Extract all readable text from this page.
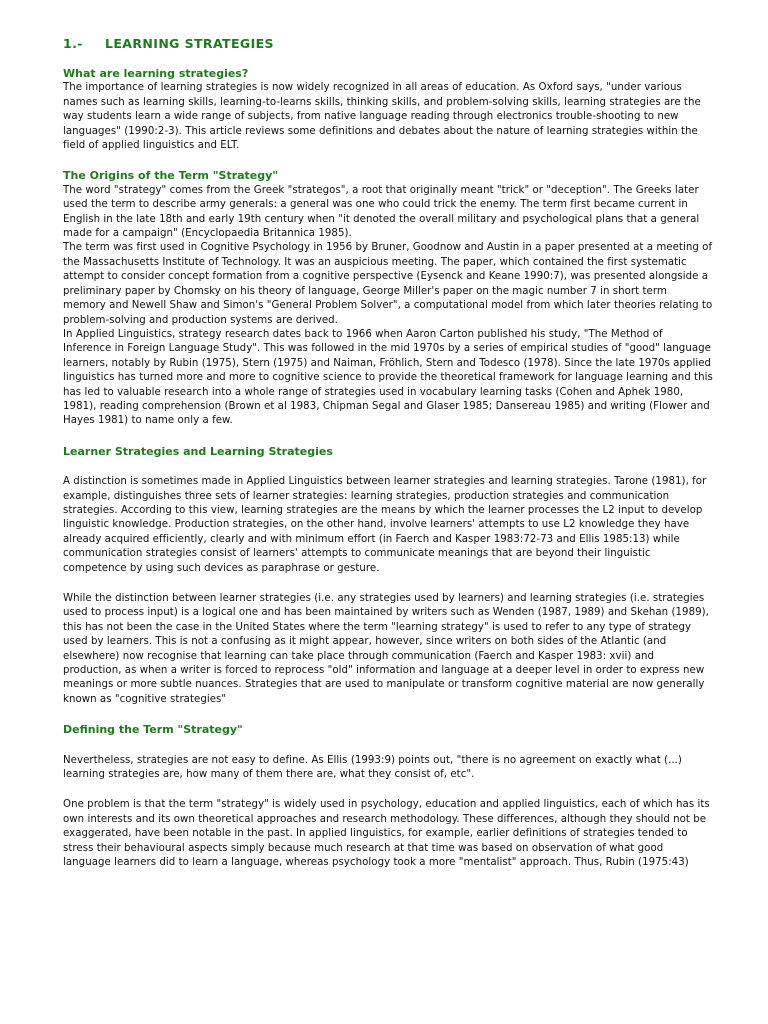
1.- LEARNING STRATEGIES
What are learning strategies?

The importance of learning strategies is now widely recognized in all areas of education. As Oxford says, "under various names such as learning skills, learning-to-learns skills, thinking skills, and problem-solving skills, learning strategies are the way students learn a wide range of subjects, from native language reading through electronics trouble-shooting to new languages" (1990:2-3). This article reviews some definitions and debates about the nature of learning strategies within the field of applied linguistics and ELT.

The Origins of the Term "Strategy"

The word "strategy" comes from the Greek "strategos", a root that originally meant "trick" or "deception". The Greeks later used the term to describe army generals: a general was one who could trick the enemy. The term first became current in English in the late 18th and early 19th century when "it denoted the overall military and psychological plans that a general made for a campaign" (Encyclopaedia Britannica 1985).

The term was first used in Cognitive Psychology in 1956 by Bruner, Goodnow and Austin in a paper presented at a meeting of the Massachusetts Institute of Technology. It was an auspicious meeting. The paper, which contained the first systematic attempt to consider concept formation from a cognitive perspective (Eysenck and Keane 1990:7), was presented alongside a preliminary paper by Chomsky on his theory of language, George Miller's paper on the magic number 7 in short term memory and Newell Shaw and Simon's "General Problem Solver", a computational model from which later theories relating to problem-solving and production systems are derived.

In Applied Linguistics, strategy research dates back to 1966 when Aaron Carton published his study, "The Method of Inference in Foreign Language Study". This was followed in the mid 1970s by a series of empirical studies of "good" language learners, notably by Rubin (1975), Stern (1975) and Naiman, Fröhlich, Stern and Todesco (1978). Since the late 1970s applied linguistics has turned more and more to cognitive science to provide the theoretical framework for language learning and this has led to valuable research into a whole range of strategies used in vocabulary learning tasks (Cohen and Aphek 1980, 1981), reading comprehension (Brown et al 1983, Chipman Segal and Glaser 1985; Dansereau 1985) and writing (Flower and Hayes 1981) to name only a few.

Learner Strategies and Learning Strategies

A distinction is sometimes made in Applied Linguistics between learner strategies and learning strategies. Tarone (1981), for example, distinguishes three sets of learner strategies: learning strategies, production strategies and communication strategies. According to this view, learning strategies are the means by which the learner processes the L2 input to develop linguistic knowledge. Production strategies, on the other hand, involve learners' attempts to use L2 knowledge they have already acquired efficiently, clearly and with minimum effort (in Faerch and Kasper 1983:72-73 and Ellis 1985:13) while communication strategies consist of learners' attempts to communicate meanings that are beyond their linguistic competence by using such devices as paraphrase or gesture.

While the distinction between learner strategies (i.e. any strategies used by learners) and learning strategies (i.e. strategies used to process input) is a logical one and has been maintained by writers such as Wenden (1987, 1989) and Skehan (1989), this has not been the case in the United States where the term "learning strategy" is used to refer to any type of strategy used by learners. This is not a confusing as it might appear, however, since writers on both sides of the Atlantic (and elsewhere) now recognise that learning can take place through communication (Faerch and Kasper 1983: xvii) and production, as when a writer is forced to reprocess "old" information and language at a deeper level in order to express new meanings or more subtle nuances. Strategies that are used to manipulate or transform cognitive material are now generally known as "cognitive strategies"

Defining the Term "Strategy"

Nevertheless, strategies are not easy to define. As Ellis (1993:9) points out, "there is no agreement on exactly what (...) learning strategies are, how many of them there are, what they consist of, etc".

One problem is that the term "strategy" is widely used in psychology, education and applied linguistics, each of which has its own interests and its own theoretical approaches and research methodology. These differences, although they should not be exaggerated, have been notable in the past. In applied linguistics, for example, earlier definitions of strategies tended to stress their behavioural aspects simply because much research at that time was based on observation of what good language learners did to learn a language, whereas psychology took a more "mentalist" approach. Thus, Rubin (1975:43)
